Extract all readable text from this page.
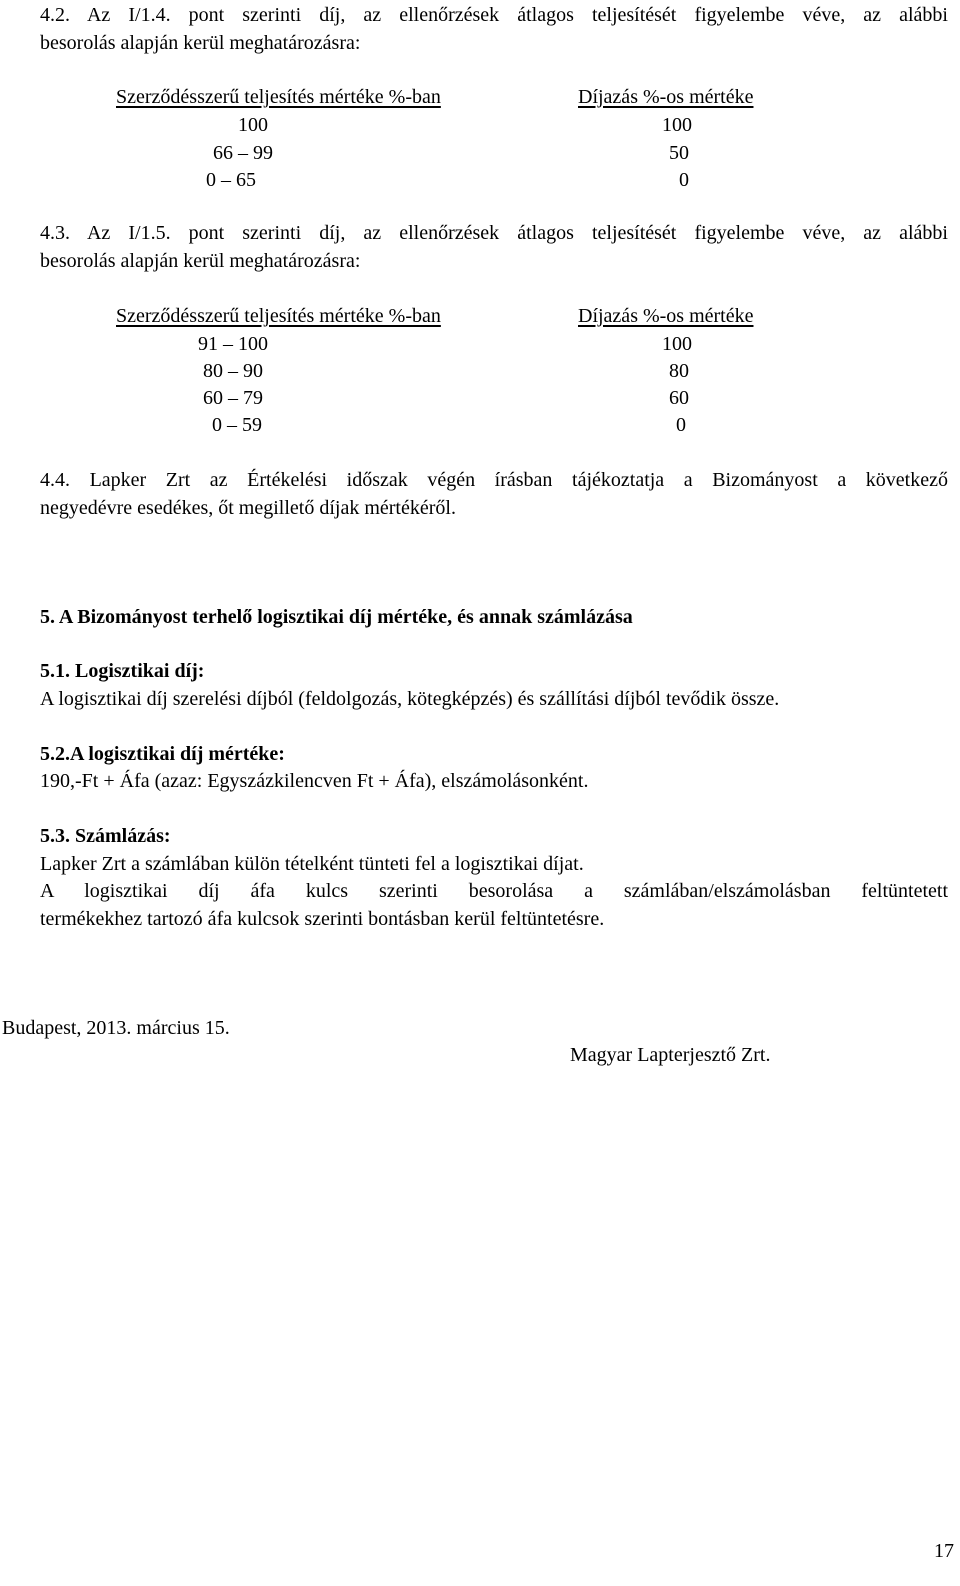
4.2. Az I/1.4. pont szerinti díj, az ellenőrzések átlagos teljesítését figyelembe véve, az alábbi
besorolás alapján kerül meghatározásra:
Szerződésszerű teljesítés mértéke %-ban	Díjazás %-os mértéke
100	100
66 – 99	50
0 – 65	0
4.3. Az I/1.5. pont szerinti díj, az ellenőrzések átlagos teljesítését figyelembe véve, az alábbi
besorolás alapján kerül meghatározásra:
Szerződésszerű teljesítés mértéke %-ban	Díjazás %-os mértéke
91 – 100	100
80 – 90	80
60 – 79	60
0 – 59	0
4.4. Lapker Zrt az Értékelési időszak végén írásban tájékoztatja a Bizományost a következő
negyedévre esedékes, őt megillető díjak mértékéről.
5. A Bizományost terhelő logisztikai díj mértéke, és annak számlázása
5.1. Logisztikai díj:
A logisztikai díj szerelési díjból (feldolgozás, kötegképzés) és szállítási díjból tevődik össze.
5.2.A logisztikai díj mértéke:
190,-Ft + Áfa (azaz: Egyszázkilencven Ft + Áfa), elszámolásonként.
5.3. Számlázás:
Lapker Zrt a számlában külön tételként tünteti fel a logisztikai díjat.
A logisztikai díj áfa kulcs szerinti besorolása a számlában/elszámolásban feltüntetett
termékekhez tartozó áfa kulcsok szerinti bontásban kerül feltüntetésre.
Budapest, 2013. március 15.
Magyar Lapterjesztő Zrt.
17
